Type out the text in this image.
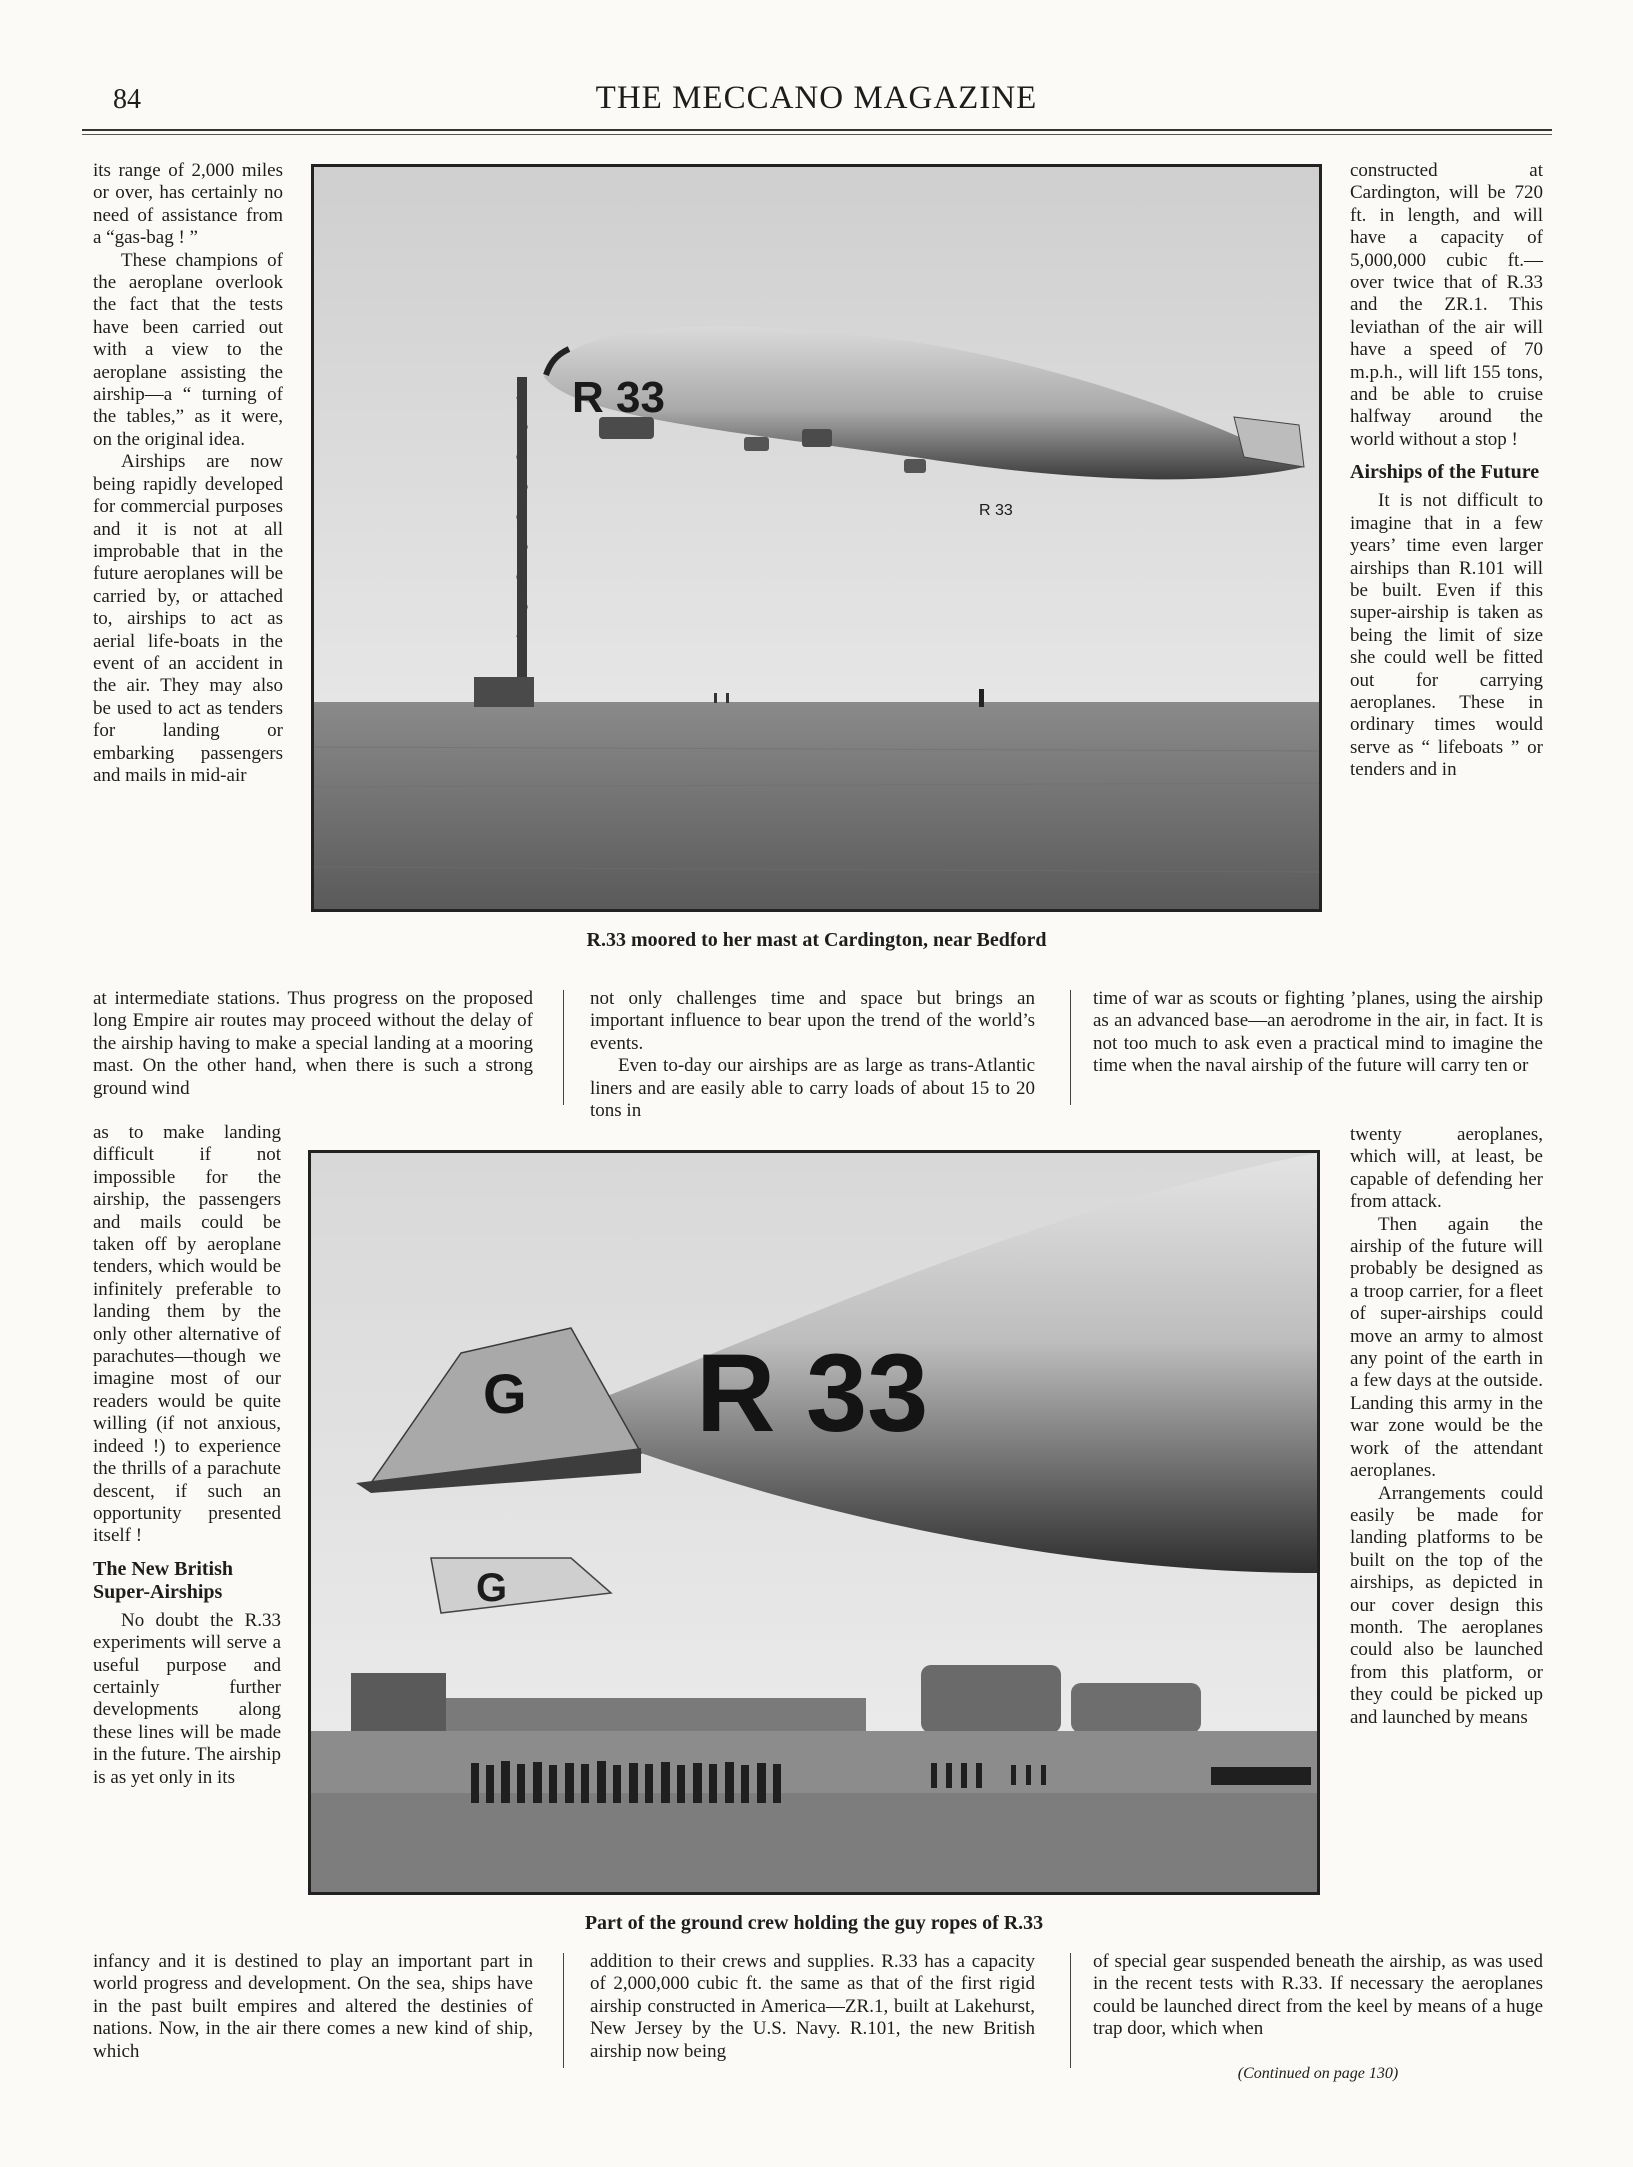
84	THE MECCANO MAGAZINE
R 33
R 33
R.33 moored to her mast at Cardington, near Bedford

its range of 2,000 miles or over, has certainly no need of assistance from a “gas-bag ! ”

These champions of the aeroplane overlook the fact that the tests have been carried out with a view to the aeroplane assisting the airship—a “ turning of the tables,” as it were, on the original idea.

Airships are now being rapidly developed for commercial purposes and it is not at all improbable that in the future aeroplanes will be carried by, or attached to, airships to act as aerial life-boats in the event of an accident in the air. They may also be used to act as tenders for landing or embarking passengers and mails in mid-air

constructed at Cardington, will be 720 ft. in length, and will have a capacity of 5,000,000 cubic ft.—over twice that of R.33 and the ZR.1. This leviathan of the air will have a speed of 70 m.p.h., will lift 155 tons, and be able to cruise halfway around the world without a stop !

Airships of the Future

It is not difficult to imagine that in a few years’ time even larger airships than R.101 will be built. Even if this super-airship is taken as being the limit of size she could well be fitted out for carrying aeroplanes. These in ordinary times would serve as “ lifeboats ” or tenders and in

at intermediate stations. Thus progress on the proposed long Empire air routes may proceed without the delay of the airship having to make a special landing at a mooring mast. On the other hand, when there is such a strong ground wind

not only challenges time and space but brings an important influence to bear upon the trend of the world’s events.

Even to-day our airships are as large as trans-Atlantic liners and are easily able to carry loads of about 15 to 20 tons in

time of war as scouts or fighting ’planes, using the airship as an advanced base—an aerodrome in the air, in fact. It is not too much to ask even a practical mind to imagine the time when the naval airship of the future will carry ten or

G
G
R 33
Part of the ground crew holding the guy ropes of R.33

as to make landing difficult if not impossible for the airship, the passengers and mails could be taken off by aeroplane tenders, which would be infinitely preferable to landing them by the only other alternative of parachutes—though we imagine most of our readers would be quite willing (if not anxious, indeed !) to experience the thrills of a parachute descent, if such an opportunity presented itself !

The New British Super-Airships

No doubt the R.33 experiments will serve a useful purpose and certainly further developments along these lines will be made in the future. The airship is as yet only in its

twenty aeroplanes, which will, at least, be capable of defending her from attack.

Then again the airship of the future will probably be designed as a troop carrier, for a fleet of super-airships could move an army to almost any point of the earth in a few days at the outside. Landing this army in the war zone would be the work of the attendant aeroplanes.

Arrangements could easily be made for landing platforms to be built on the top of the airships, as depicted in our cover design this month. The aeroplanes could also be launched from this platform, or they could be picked up and launched by means

infancy and it is destined to play an important part in world progress and development. On the sea, ships have in the past built empires and altered the destinies of nations. Now, in the air there comes a new kind of ship, which

addition to their crews and supplies. R.33 has a capacity of 2,000,000 cubic ft. the same as that of the first rigid airship constructed in America—ZR.1, built at Lakehurst, New Jersey by the U.S. Navy. R.101, the new British airship now being

of special gear suspended beneath the airship, as was used in the recent tests with R.33. If necessary the aeroplanes could be launched direct from the keel by means of a huge trap door, which when

(Continued on page 130)
